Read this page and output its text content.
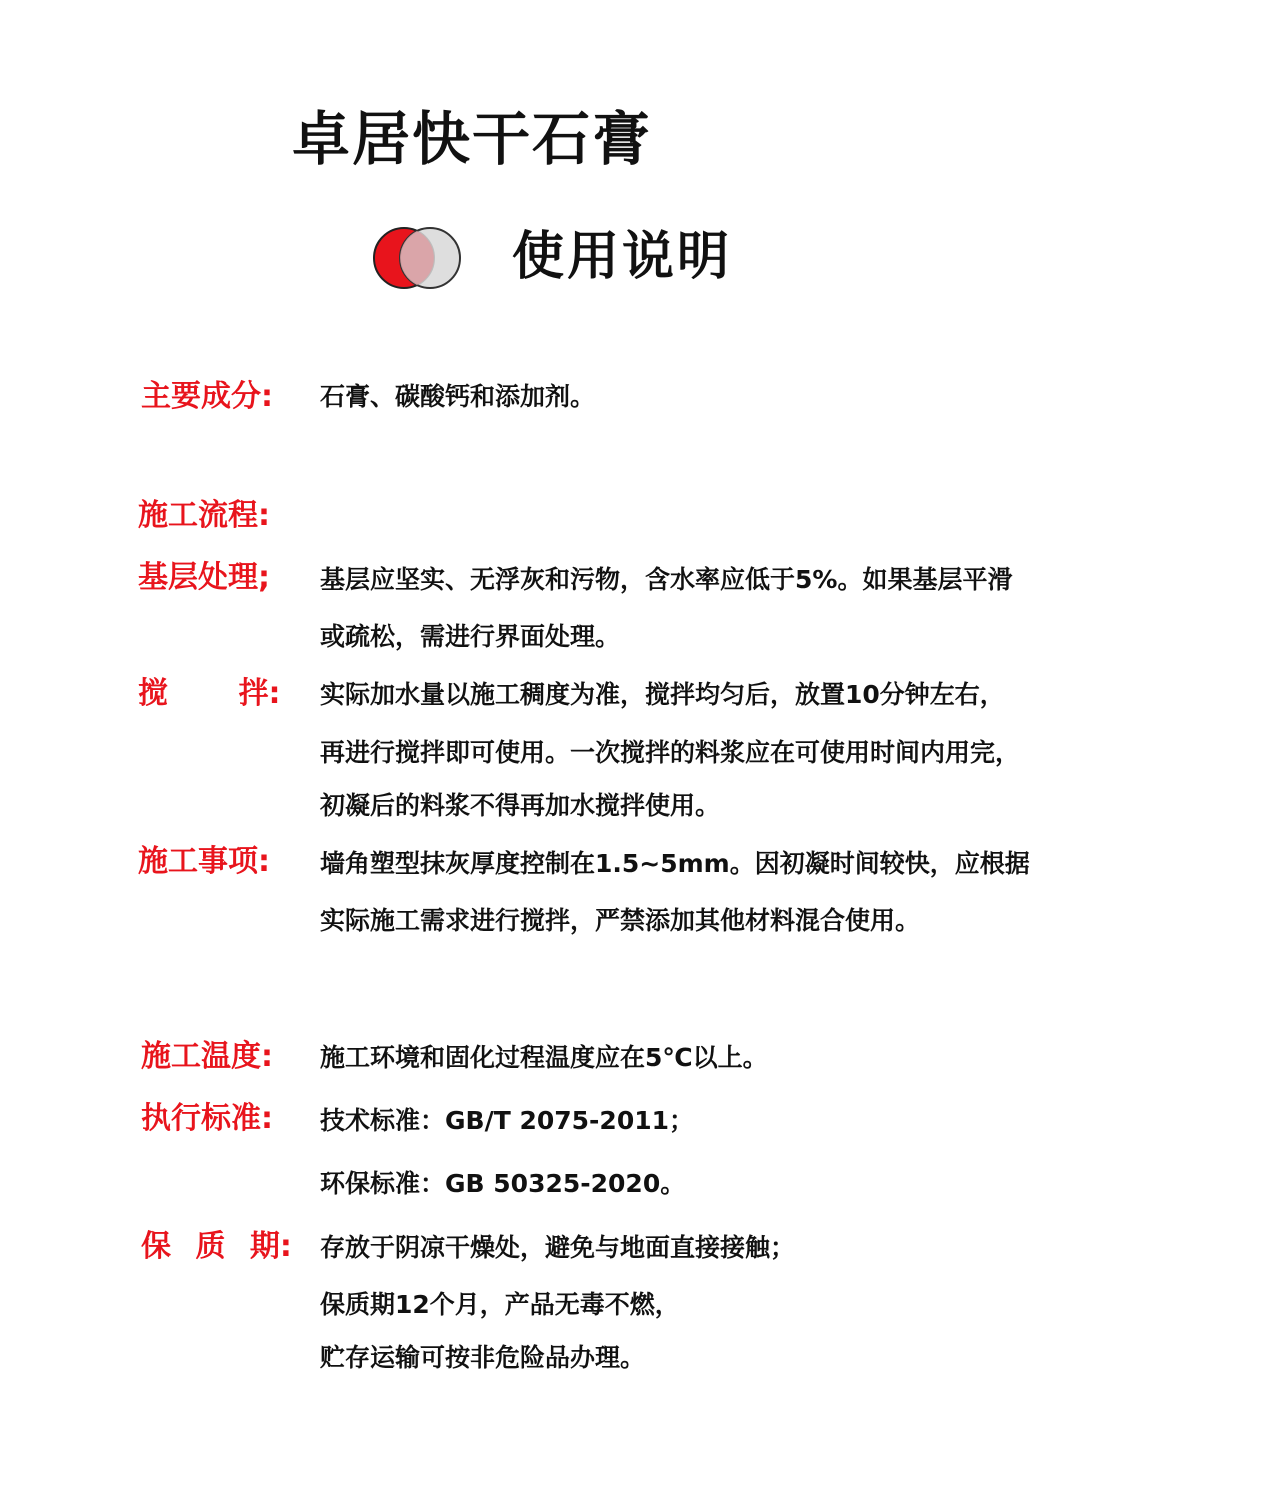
卓居快干石膏
使用说明
主要成分: 石膏、碳酸钙和添加剂。
施工流程:
基层处理; 基层应坚实、无浮灰和污物，含水率应低于5%。如果基层平滑
或疏松，需进行界面处理。
搅 拌: 实际加水量以施工稠度为准，搅拌均匀后，放置10分钟左右，
再进行搅拌即可使用。一次搅拌的料浆应在可使用时间内用完，
初凝后的料浆不得再加水搅拌使用。
施工事项: 墙角塑型抹灰厚度控制在1.5~5mm。因初凝时间较快，应根据
实际施工需求进行搅拌，严禁添加其他材料混合使用。
施工温度: 施工环境和固化过程温度应在5℃以上。
执行标准: 技术标准：GB/T 2075-2011；
环保标准：GB 50325-2020。
保 质 期: 存放于阴凉干燥处，避免与地面直接接触；
保质期12个月，产品无毒不燃，
贮存运输可按非危险品办理。
